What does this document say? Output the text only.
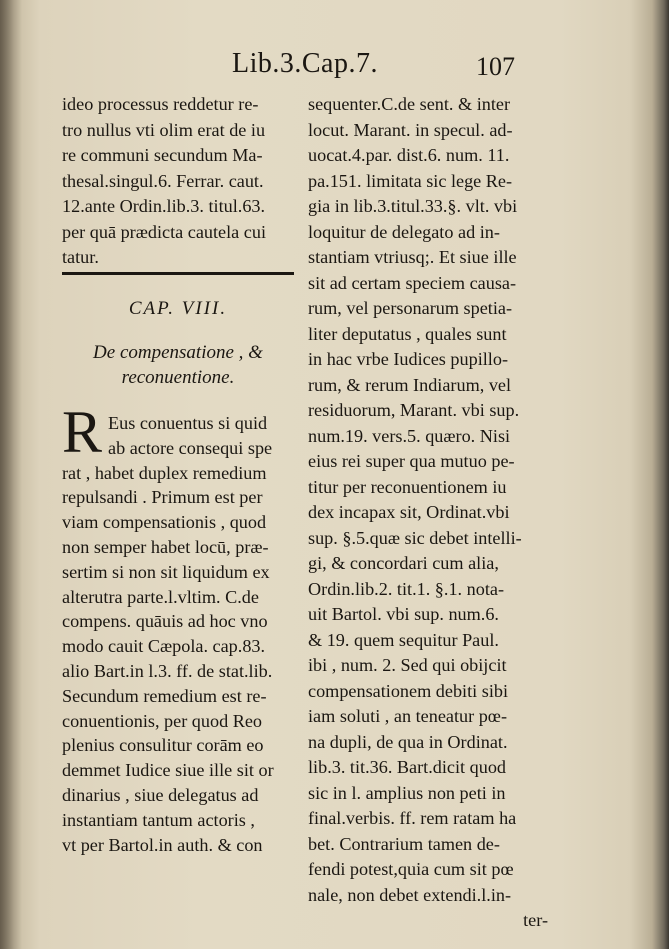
Lib.3.Cap.7.	107
ideo processus reddetur re-
tro nullus vti olim erat de iu
re communi secundum Ma-
thesal.singul.6. Ferrar. caut.
12.ante Ordin.lib.3. titul.63.
per quā prædicta cautela cui
tatur.
CAP. VIII.
De compensatione , &
reconuentione.
R Eus conuentus si quid
ab actore consequi spe
rat , habet duplex remedium
repulsandi . Primum est per
viam compensationis , quod
non semper habet locū, præ-
sertim si non sit liquidum ex
alterutra parte.l.vltim. C.de
compens. quāuis ad hoc vno
modo cauit Cæpola. cap.83.
alio Bart.in l.3. ff. de stat.lib.
Secundum remedium est re-
conuentionis, per quod Reo
plenius consulitur corām eo
demmet Iudice siue ille sit or
dinarius , siue delegatus ad
instantiam tantum actoris ,
vt per Bartol.in auth. & con
sequenter.C.de sent. & inter
locut. Marant. in specul. ad-
uocat.4.par. dist.6. num. 11.
pa.151. limitata sic lege Re-
gia in lib.3.titul.33.§. vlt. vbi
loquitur de delegato ad in-
stantiam vtriusq;. Et siue ille
sit ad certam speciem causa-
rum, vel personarum spetia-
liter deputatus , quales sunt
in hac vrbe Iudices pupillo-
rum, & rerum Indiarum, vel
residuorum, Marant. vbi sup.
num.19. vers.5. quæro. Nisi
eius rei super qua mutuo pe-
titur per reconuentionem iu
dex incapax sit, Ordinat.vbi
sup. §.5.quæ sic debet intelli-
gi, & concordari cum alia,
Ordin.lib.2. tit.1. §.1. nota-
uit Bartol. vbi sup. num.6.
& 19. quem sequitur Paul.
ibi , num. 2. Sed qui obijcit
compensationem debiti sibi
iam soluti , an teneatur pœ-
na dupli, de qua in Ordinat.
lib.3. tit.36. Bart.dicit quod
sic in l. amplius non peti in
final.verbis. ff. rem ratam ha
bet. Contrarium tamen de-
fendi potest,quia cum sit pœ
nale, non debet extendi.l.in-
ter-
